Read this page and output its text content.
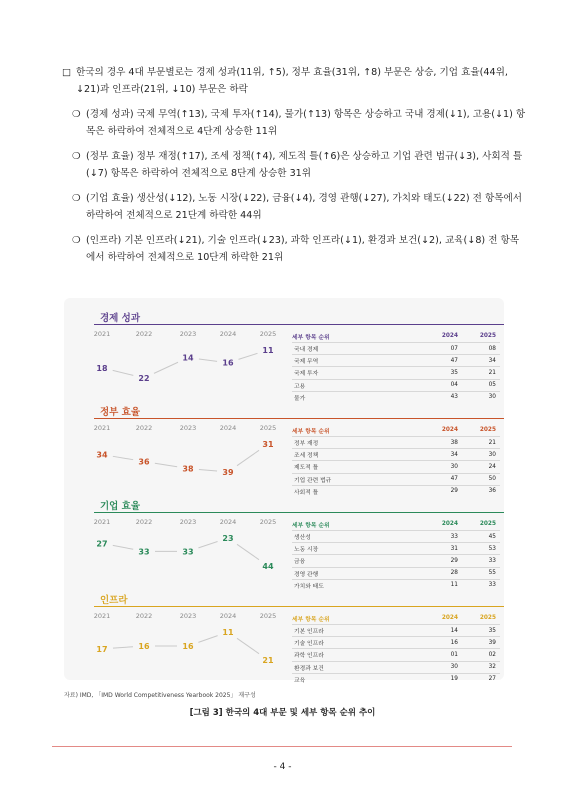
□ 한국의 경우 4대 부문별로는 경제 성과(11위, ↑5), 정부 효율(31위, ↑8) 부문은 상승, 기업 효율(44위, ↓21)과 인프라(21위, ↓10) 부문은 하락
❍ (경제 성과) 국제 무역(↑13), 국제 투자(↑14), 물가(↑13) 항목은 상승하고 국내 경제(↓1), 고용(↓1) 항목은 하락하여 전체적으로 4단계 상승한 11위
❍ (정부 효율) 정부 재정(↑17), 조세 정책(↑4), 제도적 틀(↑6)은 상승하고 기업 관련 법규(↓3), 사회적 틀(↓7) 항목은 하락하여 전체적으로 8단계 상승한 31위
❍ (기업 효율) 생산성(↓12), 노동 시장(↓22), 금융(↓4), 경영 관행(↓27), 가치와 태도(↓22) 전 항목에서 하락하여 전체적으로 21단계 하락한 44위
❍ (인프라) 기본 인프라(↓21), 기술 인프라(↓23), 과학 인프라(↓1), 환경과 보건(↓2), 교육(↓8) 전 항목에서 하락하여 전체적으로 10단계 하락한 21위
경제 성과
2021	2022	2023	2024	2025
18
22
14
16
11
세부 항목 순위	2024	2025
국내 경제	07	08
국제 무역	47	34
국제 투자	35	21
고용	04	05
물가	43	30
정부 효율
2021	2022	2023	2024	2025
34
36
38	39
31
세부 항목 순위	2024	2025
정부 재정	38	21
조세 정책	34	30
제도적 틀	30	24
기업 관련 법규	47	50
사회적 틀	29	36
기업 효율
2021	2022	2023	2024	2025
27
33	33
23
44
세부 항목 순위	2024	2025
생산성	33	45
노동 시장	31	53
금융	29	33
경영 관행	28	55
가치와 태도	11	33
인프라
2021	2022	2023	2024	2025
17	16	16
11
21
세부 항목 순위	2024	2025
기본 인프라	14	35
기술 인프라	16	39
과학 인프라	01	02
환경과 보건	30	32
교육	19	27
자료) IMD, 「IMD World Competitiveness Yearbook 2025」 재구성
[그림 3] 한국의 4대 부문 및 세부 항목 순위 추이
- 4 -
